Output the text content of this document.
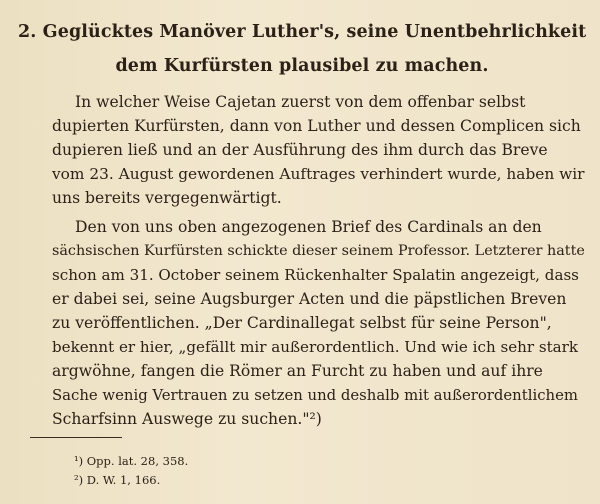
2. Geglücktes Manöver Luther's, seine Unentbehrlichkeit
dem Kurfürsten plausibel zu machen.
In welcher Weise Cajetan zuerst von dem offenbar selbst
dupierten Kurfürsten, dann von Luther und dessen Complicen sich
dupieren ließ und an der Ausführung des ihm durch das Breve
vom 23. August gewordenen Auftrages verhindert wurde, haben wir
uns bereits vergegenwärtigt.
Den von uns oben angezogenen Brief des Cardinals an den
sächsischen Kurfürsten schickte dieser seinem Professor. Letzterer hatte
schon am 31. October seinem Rückenhalter Spalatin angezeigt, dass
er dabei sei, seine Augsburger Acten und die päpstlichen Breven
zu veröffentlichen. „Der Cardinallegat selbst für seine Person",
bekennt er hier, „gefällt mir außerordentlich. Und wie ich sehr stark
argwöhne, fangen die Römer an Furcht zu haben und auf ihre
Sache wenig Vertrauen zu setzen und deshalb mit außerordentlichem
Scharfsinn Auswege zu suchen."²)
¹) Opp. lat. 28, 358.
²) D. W. 1, 166.
